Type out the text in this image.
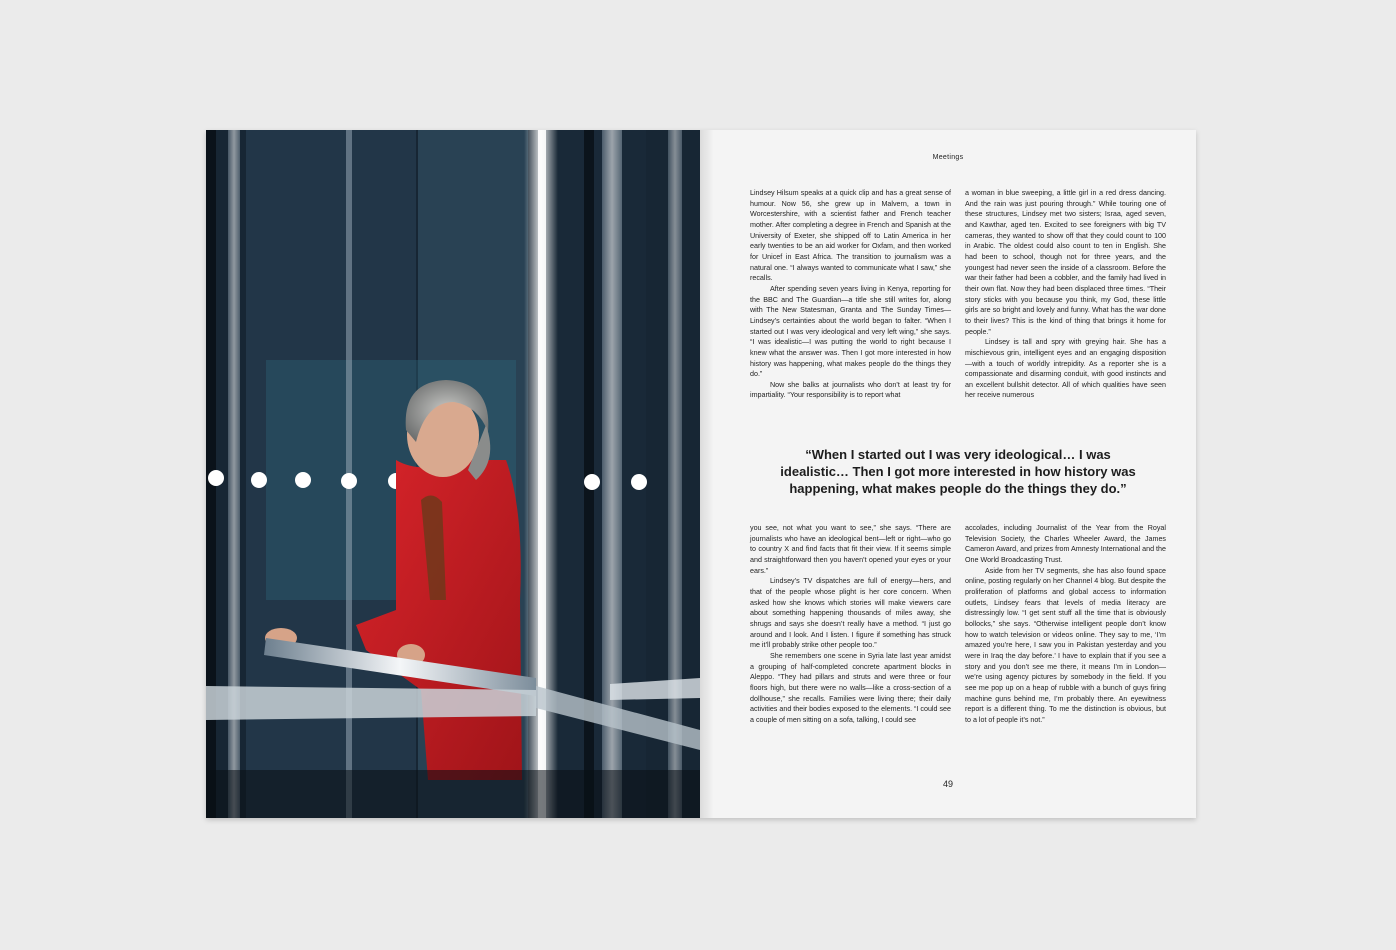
Meetings

Lindsey Hilsum speaks at a quick clip and has a great sense of humour. Now 56, she grew up in Malvern, a town in Worcestershire, with a scientist father and French teacher mother. After completing a degree in French and Spanish at the University of Exeter, she shipped off to Latin America in her early twenties to be an aid worker for Oxfam, and then worked for Unicef in East Africa. The transition to journalism was a natural one. “I always wanted to communicate what I saw,” she recalls.

After spending seven years living in Kenya, reporting for the BBC and The Guardian—a title she still writes for, along with The New Statesman, Granta and The Sunday Times—Lindsey’s certainties about the world began to falter. “When I started out I was very ideological and very left wing,” she says. “I was idealistic—I was putting the world to right because I knew what the answer was. Then I got more interested in how history was happening, what makes people do the things they do.”

Now she balks at journalists who don’t at least try for impartiality. “Your responsibility is to report what

a woman in blue sweeping, a little girl in a red dress dancing. And the rain was just pouring through.” While touring one of these structures, Lindsey met two sisters; Israa, aged seven, and Kawthar, aged ten. Excited to see foreigners with big TV cameras, they wanted to show off that they could count to 100 in Arabic. The oldest could also count to ten in English. She had been to school, though not for three years, and the youngest had never seen the inside of a classroom. Before the war their father had been a cobbler, and the family had lived in their own flat. Now they had been displaced three times. “Their story sticks with you because you think, my God, these little girls are so bright and lovely and funny. What has the war done to their lives? This is the kind of thing that brings it home for people.”

Lindsey is tall and spry with greying hair. She has a mischievous grin, intelligent eyes and an engaging disposition—with a touch of worldly intrepidity. As a reporter she is a compassionate and disarming conduit, with good instincts and an excellent bullshit detector. All of which qualities have seen her receive numerous

“When I started out I was very ideological… I was idealistic… Then I got more interested in how history was happening, what makes people do the things they do.”

you see, not what you want to see,” she says. “There are journalists who have an ideological bent—left or right—who go to country X and find facts that fit their view. If it seems simple and straightforward then you haven’t opened your eyes or your ears.”

Lindsey’s TV dispatches are full of energy—hers, and that of the people whose plight is her core concern. When asked how she knows which stories will make viewers care about something happening thousands of miles away, she shrugs and says she doesn’t really have a method. “I just go around and I look. And I listen. I figure if something has struck me it’ll probably strike other people too.”

She remembers one scene in Syria late last year amidst a grouping of half-completed concrete apartment blocks in Aleppo. “They had pillars and struts and were three or four floors high, but there were no walls—like a cross-section of a dollhouse,” she recalls. Families were living there; their daily activities and their bodies exposed to the elements. “I could see a couple of men sitting on a sofa, talking, I could see

accolades, including Journalist of the Year from the Royal Television Society, the Charles Wheeler Award, the James Cameron Award, and prizes from Amnesty International and the One World Broadcasting Trust.

Aside from her TV segments, she has also found space online, posting regularly on her Channel 4 blog. But despite the proliferation of platforms and global access to information outlets, Lindsey fears that levels of media literacy are distressingly low. “I get sent stuff all the time that is obviously bollocks,” she says. “Otherwise intelligent people don’t know how to watch television or videos online. They say to me, ‘I’m amazed you’re here, I saw you in Pakistan yesterday and you were in Iraq the day before.’ I have to explain that if you see a story and you don’t see me there, it means I’m in London—we’re using agency pictures by somebody in the field. If you see me pop up on a heap of rubble with a bunch of guys firing machine guns behind me, I’m probably there. An eyewitness report is a different thing. To me the distinction is obvious, but to a lot of people it’s not.”

49
